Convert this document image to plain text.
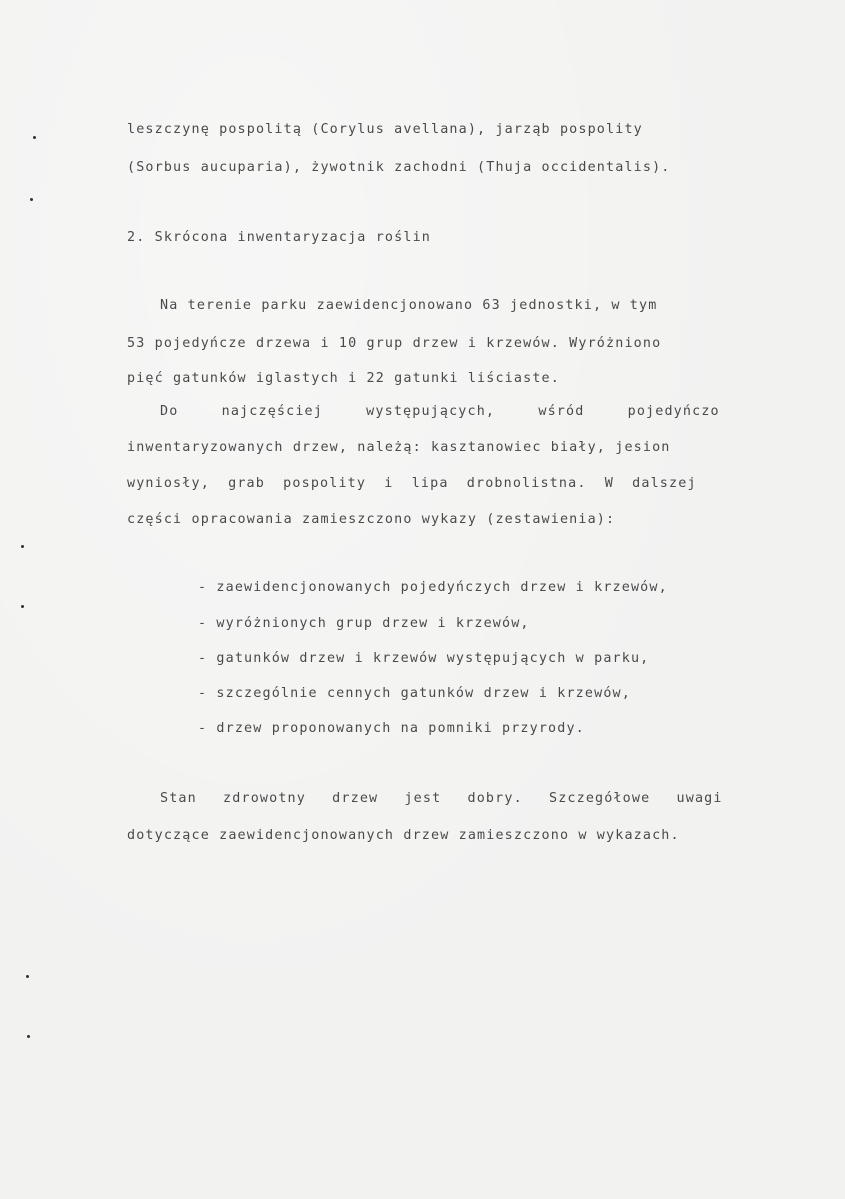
leszczynę pospolitą (Corylus avellana), jarząb pospolity
(Sorbus aucuparia), żywotnik zachodni (Thuja occidentalis).
2. Skrócona inwentaryzacja roślin
Na terenie parku zaewidencjonowano 63 jednostki, w tym
53 pojedyńcze drzewa i 10 grup drzew i krzewów. Wyróżniono
pięć gatunków iglastych i 22 gatunki liściaste.
Do najczęściej występujących, wśród pojedyńczo
inwentaryzowanych drzew, należą: kasztanowiec biały, jesion
wyniosły, grab pospolity i lipa drobnolistna. W dalszej
części opracowania zamieszczono wykazy (zestawienia):
- zaewidencjonowanych pojedyńczych drzew i krzewów,
- wyróżnionych grup drzew i krzewów,
- gatunków drzew i krzewów występujących w parku,
- szczególnie cennych gatunków drzew i krzewów,
- drzew proponowanych na pomniki przyrody.
Stan zdrowotny drzew jest dobry. Szczegółowe uwagi
dotyczące zaewidencjonowanych drzew zamieszczono w wykazach.
